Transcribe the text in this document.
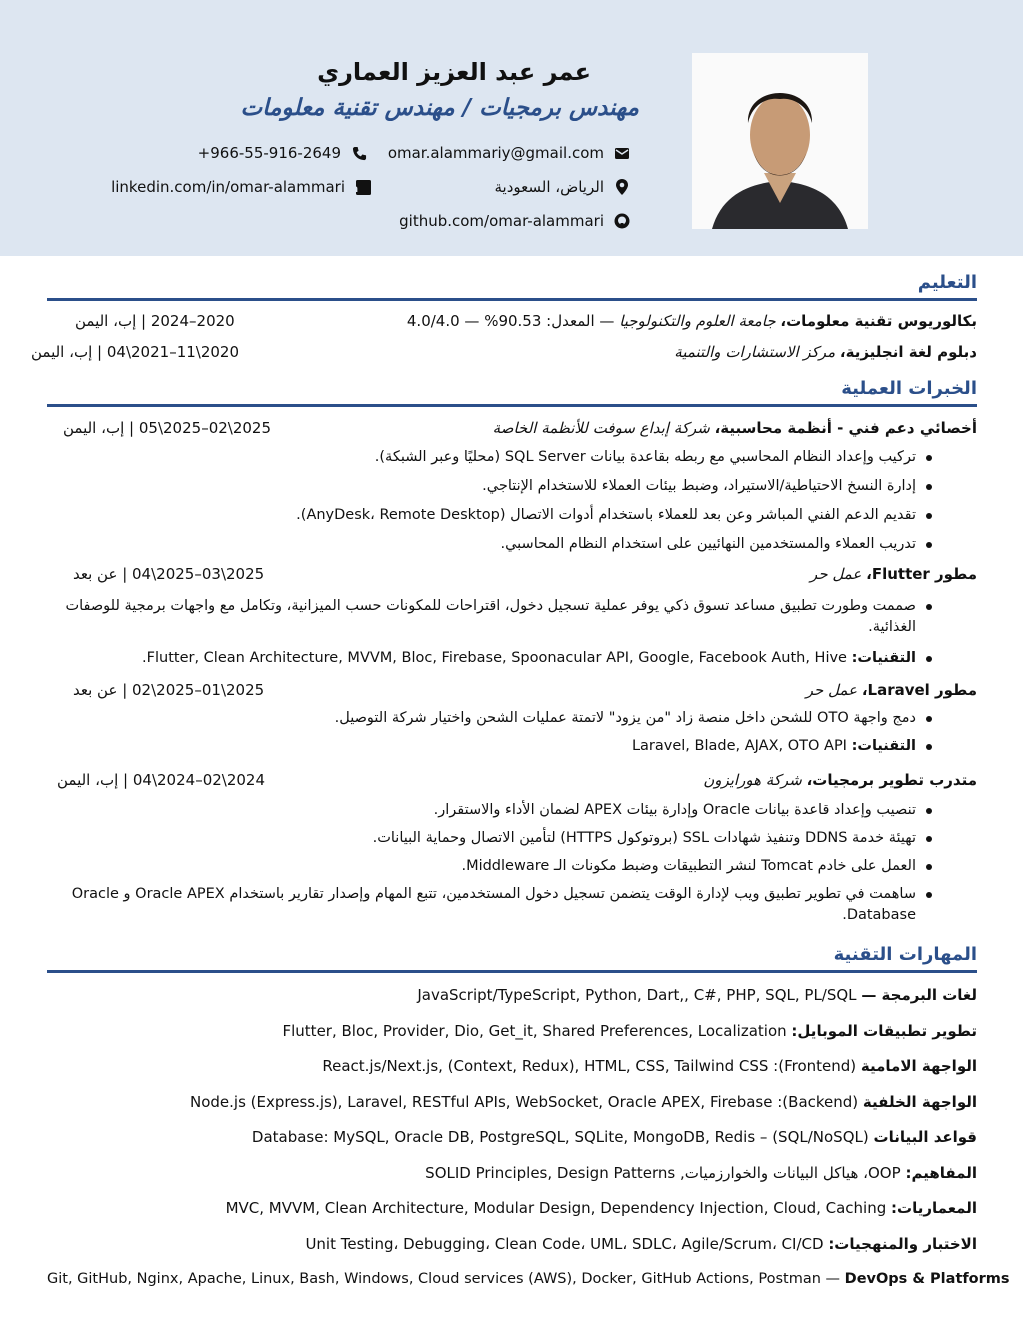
عمر عبد العزيز العماري
مهندس برمجيات / مهندس تقنية معلومات
omar.alammariy@gmail.com
+966-55-916-2649
الرياض، السعودية
in
linkedin.com/in/omar-alammari
github.com/omar-alammari
التعليم
بكالوريوس تقنية معلومات، جامعة العلوم والتكنولوجيا — المعدل: 90.53% — 4.0/4.0
2020–2024 | إب، اليمن
دبلوم لغة انجليزية، مركز الاستشارات والتنمية
2020\11–2021\04 | إب، اليمن
الخبرات العملية
أخصائي دعم فني - أنظمة محاسبية، شركة إبداع سوفت للأنظمة الخاصة
2025\02–2025\05 | إب، اليمن
تركيب وإعداد النظام المحاسبي مع ربطه بقاعدة بيانات SQL Server (محليًا وعبر الشبكة).
إدارة النسخ الاحتياطية/الاستيراد، وضبط بيئات العملاء للاستخدام الإنتاجي.
تقديم الدعم الفني المباشر وعن بعد للعملاء باستخدام أدوات الاتصال (AnyDesk، Remote Desktop).
تدريب العملاء والمستخدمين النهائيين على استخدام النظام المحاسبي.
مطور Flutter، عمل حر
2025\03–2025\04 | عن بعد
صممت وطورت تطبيق مساعد تسوق ذكي يوفر عملية تسجيل دخول، اقتراحات للمكونات حسب الميزانية، وتكامل مع واجهات برمجية للوصفات الغذائية.
التقنيات: Flutter, Clean Architecture, MVVM, Bloc, Firebase, Spoonacular API, Google, Facebook Auth, Hive.
مطور Laravel، عمل حر
2025\01–2025\02 | عن بعد
دمج واجهة OTO للشحن داخل منصة زاد "من يزود" لاتمتة عمليات الشحن واختيار شركة التوصيل.
التقنيات: Laravel, Blade, AJAX, OTO API
متدرب تطوير برمجيات، شركة هورايزون
2024\02–2024\04 | إب، اليمن
تنصيب وإعداد قاعدة بيانات Oracle وإدارة بيئات APEX لضمان الأداء والاستقرار.
تهيئة خدمة DDNS وتنفيذ شهادات SSL (بروتوكول HTTPS) لتأمين الاتصال وحماية البيانات.
العمل على خادم Tomcat لنشر التطبيقات وضبط مكونات الـ Middleware.
ساهمت في تطوير تطبيق ويب لإدارة الوقت يتضمن تسجيل دخول المستخدمين، تتبع المهام وإصدار تقارير باستخدام Oracle APEX و Oracle Database.
المهارات التقنية
لغات البرمجة — JavaScript/TypeScript, Python, Dart,, C#, PHP, SQL, PL/SQL
تطوير تطبيقات الموبايل: Flutter, Bloc, Provider, Dio, Get_it, Shared Preferences, Localization
الواجهة الامامية (Frontend): React.js/Next.js, (Context, Redux), HTML, CSS, Tailwind CSS
الواجهة الخلفية (Backend): Node.js (Express.js), Laravel, RESTful APIs, WebSocket, Oracle APEX, Firebase
قواعد البيانات (SQL/NoSQL) – Database: MySQL, Oracle DB, PostgreSQL, SQLite, MongoDB, Redis
المفاهيم: OOP، هياكل البيانات والخوارزميات, SOLID Principles, Design Patterns
المعماريات: MVC, MVVM, Clean Architecture, Modular Design, Dependency Injection, Cloud, Caching
الاختبار والمنهجيات: Unit Testing، Debugging، Clean Code، UML، SDLC، Agile/Scrum، CI/CD
Git, GitHub, Nginx, Apache, Linux, Bash, Windows, Cloud services (AWS), Docker, GitHub Actions, Postman — DevOps & Platforms
